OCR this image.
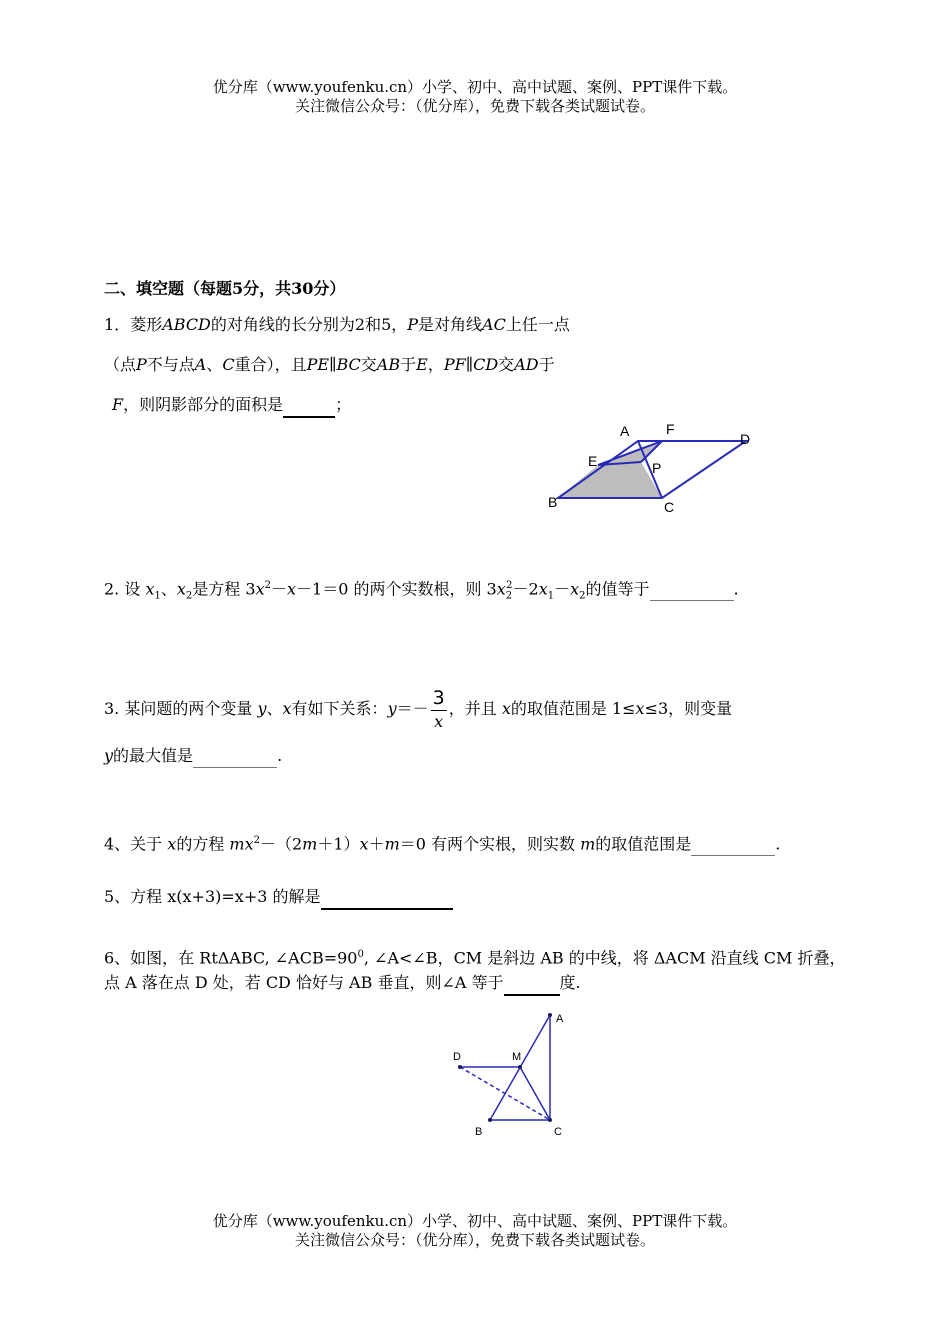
优分库（www.youfenku.cn）小学、初中、高中试题、案例、PPT课件下载。
关注微信公众号：（优分库），免费下载各类试题试卷。
二、填空题（每题5分，共30分）
1．菱形ABCD的对角线的长分别为2和5，P是对角线AC上任一点
（点P不与点A、C重合），且PE∥BC交AB于E，PF∥CD交AD于
F，则阴影部分的面积是	；
A	F
D
E	P
B	C
2. 设 $x_1$、$x_2$是方程 $3x^2-x-1=0$ 的两个实数根，则 $3x_2^2-2x_1-x_2$的值等于	.
3. 某问题的两个变量 y、x有如下关系：$y=- \frac{3}{x}$ ，并且 x的取值范围是 1≤x≤3，则变量
y的最大值是	.
4、关于 x的方程 $mx^2-(2m+1)x+m=0$ 有两个实根，则实数 m的取值范围是	.
5、方程 x(x+3)=x+3 的解是
6、如图，在 RtΔABC, $\angle ACB=90^0$, ∠A<∠B，CM 是斜边 AB 的中线，将 ΔACM 沿直线 CM 折叠，
点 A 落在点 D 处，若 CD 恰好与 AB 垂直，则∠A 等于	度.
A
D	M
B	C
优分库（www.youfenku.cn）小学、初中、高中试题、案例、PPT课件下载。
关注微信公众号：（优分库），免费下载各类试题试卷。
